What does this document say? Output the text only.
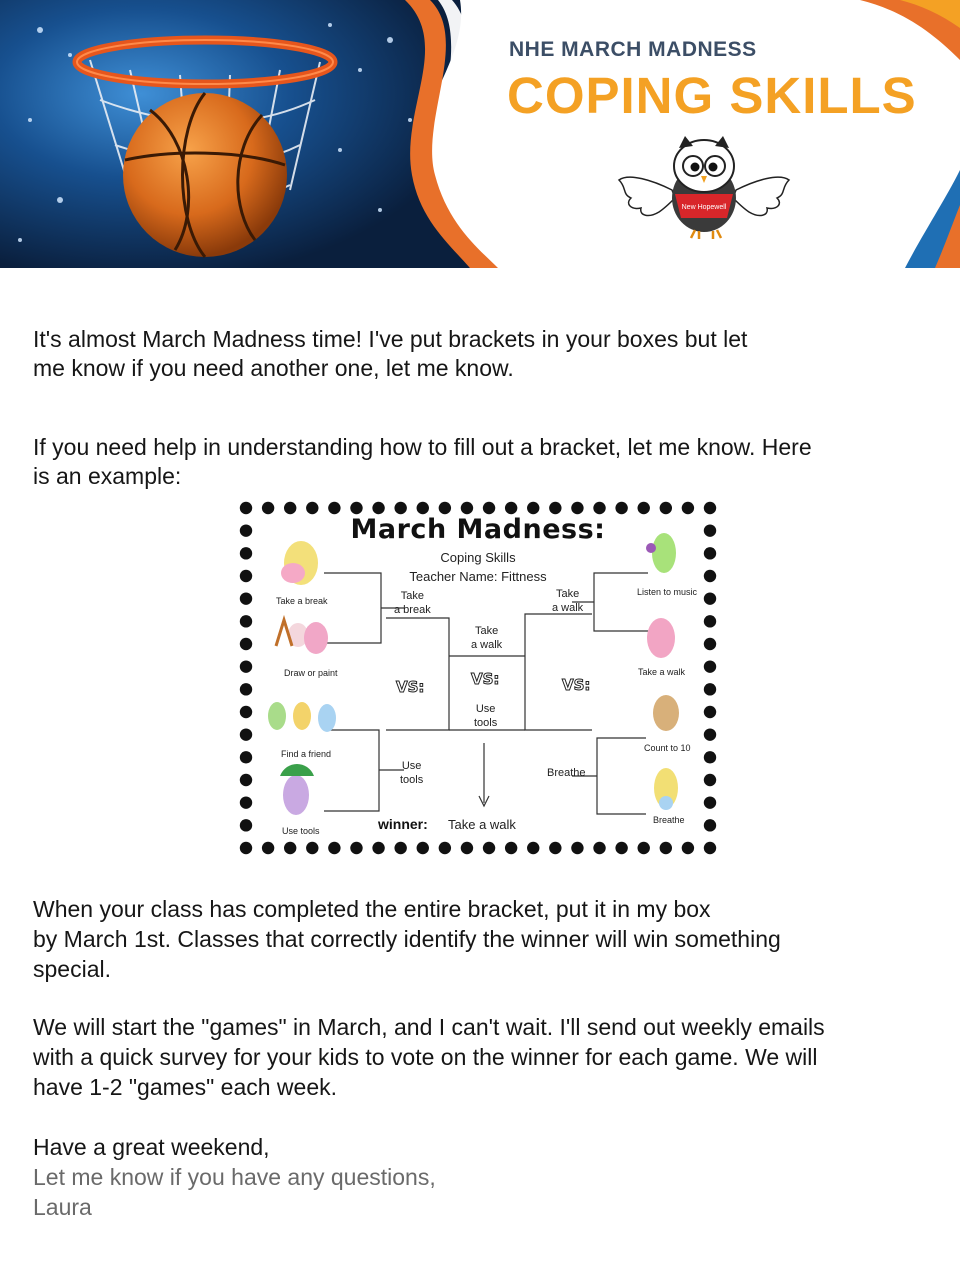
NHE MARCH MADNESS
COPING SKILLS
New Hopewell

It's almost March Madness time! I've put brackets in your boxes but let
me know if you need another one, let me know.

If you need help in understanding how to fill out a bracket, let me know. Here
is an example:

March Madness:
Coping Skills
Teacher Name: Fittness
Take a break
Draw or paint
Find a friend
Use tools
Listen to music
Take a walk
Count to 10
Breathe
Take
a break
Use
tools
Take
a walk
Breathe
Take
a walk
Use
tools
VS:	VS:	VS:
winner: Take a walk

When your class has completed the entire bracket, put it in my box
by March 1st. Classes that correctly identify the winner will win something
special.

We will start the "games" in March, and I can't wait. I'll send out weekly emails
with a quick survey for your kids to vote on the winner for each game. We will
have 1-2 "games" each week.

Have a great weekend,
Let me know if you have any questions,
Laura
